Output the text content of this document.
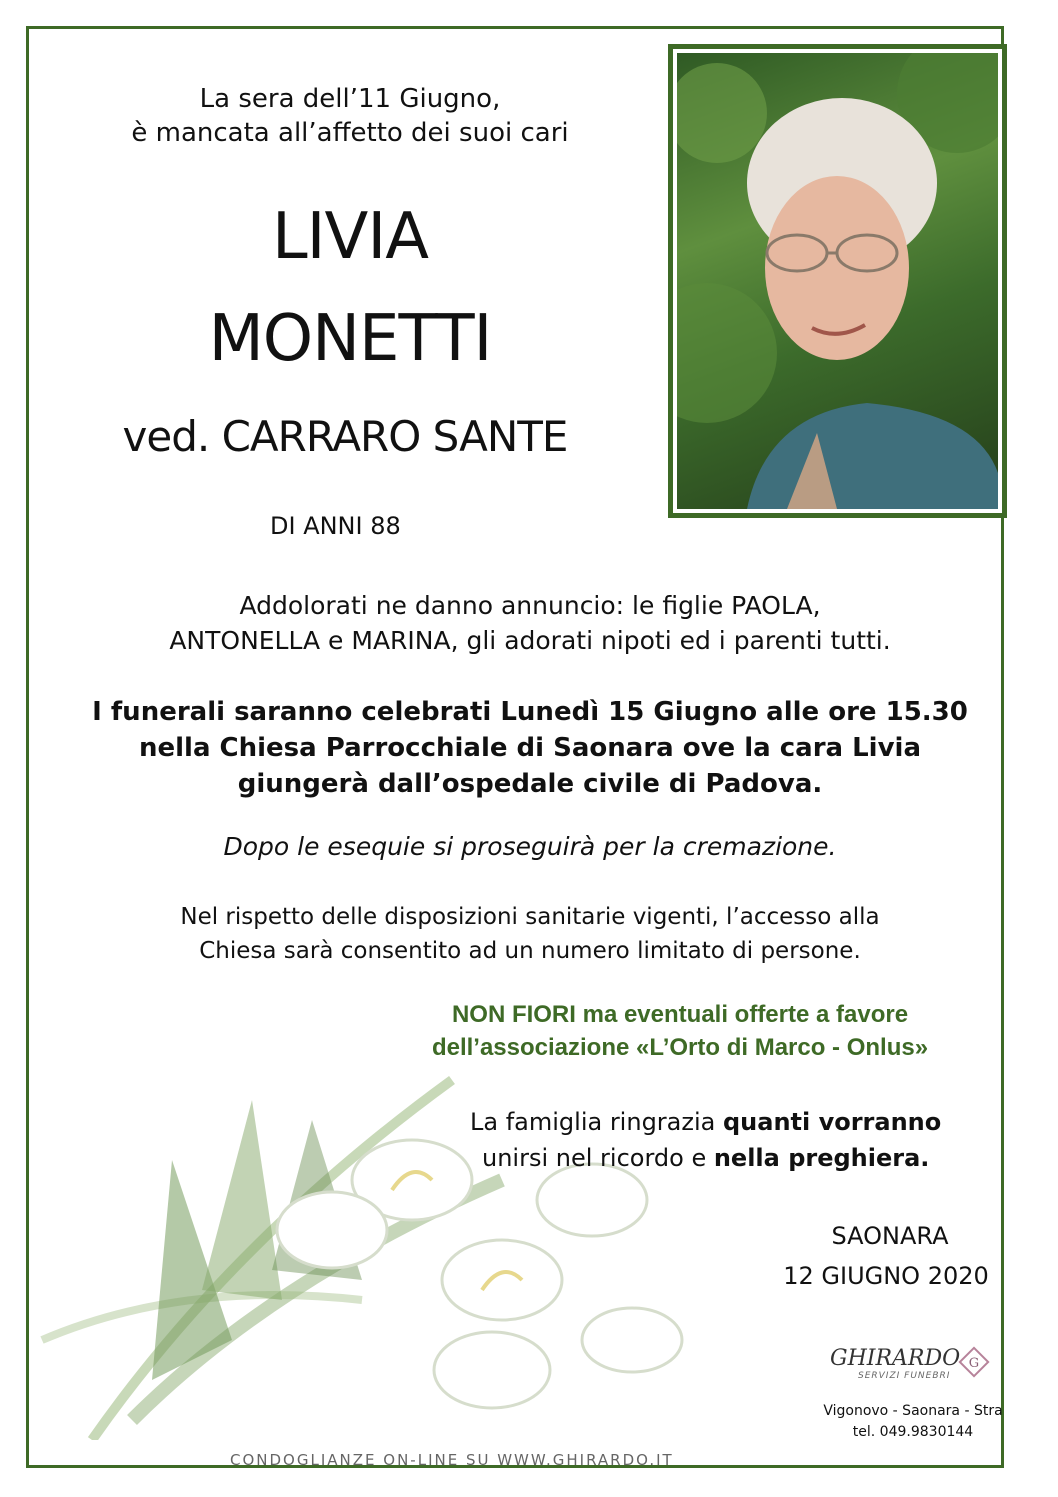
La sera dell’11 Giugno,
è mancata all’affetto dei suoi cari
LIVIA
MONETTI
ved. CARRARO SANTE
DI ANNI 88
Addolorati ne danno annuncio: le figlie PAOLA,
ANTONELLA e MARINA, gli adorati nipoti ed i parenti tutti.
I funerali saranno celebrati Lunedì 15 Giugno alle ore 15.30
nella Chiesa Parrocchiale di Saonara ove la cara Livia
giungerà dall’ospedale civile di Padova.
Dopo le esequie si proseguirà per la cremazione.
Nel rispetto delle disposizioni sanitarie vigenti, l’accesso alla
Chiesa sarà consentito ad un numero limitato di persone.
NON FIORI ma eventuali offerte a favore
dell’associazione «L’Orto di Marco - Onlus»
La famiglia ringrazia quanti vorranno
unirsi nel ricordo e nella preghiera.
SAONARA
12 GIUGNO 2020
CONDOGLIANZE ON-LINE SU WWW.GHIRARDO.IT
GHIRARDO
SERVIZI FUNEBRI
G
Vigonovo - Saonara - Stra
tel. 049.9830144
